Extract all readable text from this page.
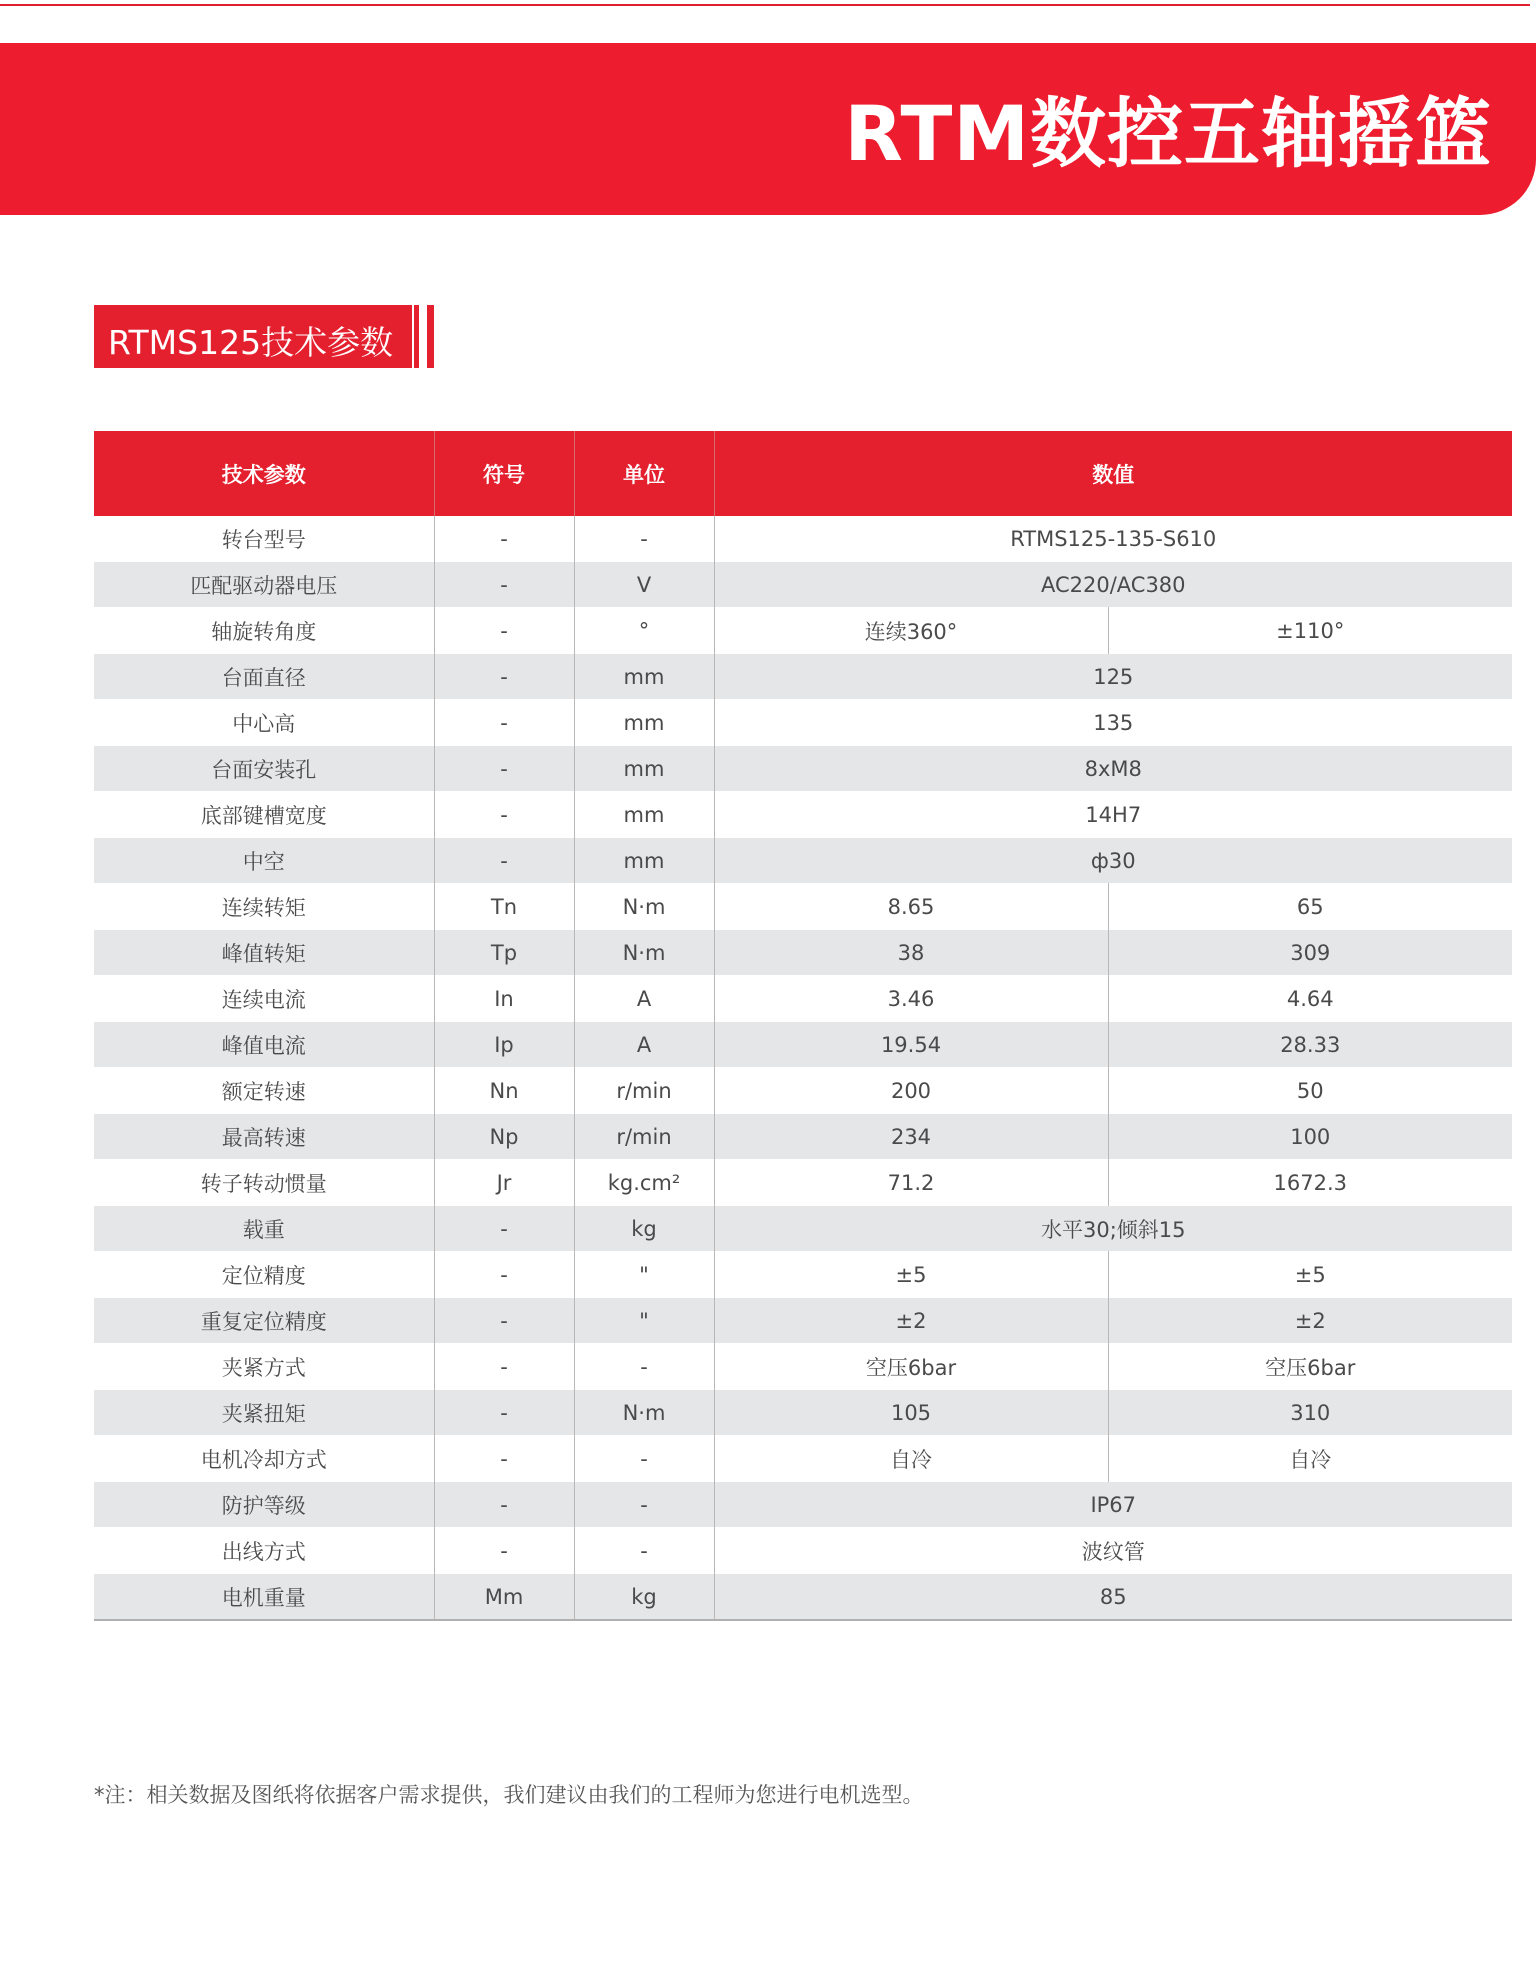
RTM数控五轴摇篮
RTMS125技术参数
技术参数	符号	单位	数值	
转台型号	-	-	RTMS125-135-S610	
匹配驱动器电压	-	V	AC220/AC380	
轴旋转角度	-	°	连续360°	±110°
台面直径	-	mm	125	
中心高	-	mm	135	
台面安装孔	-	mm	8xM8	
底部键槽宽度	-	mm	14H7	
中空	-	mm	ф30	
连续转矩	Tn	N·m	8.65	65
峰值转矩	Tp	N·m	38	309
连续电流	In	A	3.46	4.64
峰值电流	Ip	A	19.54	28.33
额定转速	Nn	r/min	200	50
最高转速	Np	r/min	234	100
转子转动惯量	Jr	kg.cm²	71.2	1672.3
载重	-	kg	水平30;倾斜15	
定位精度	-	"	±5	±5
重复定位精度	-	"	±2	±2
夹紧方式	-	-	空压6bar	空压6bar
夹紧扭矩	-	N·m	105	310
电机冷却方式	-	-	自冷	自冷
防护等级	-	-	IP67	
出线方式	-	-	波纹管	
电机重量	Mm	kg	85	
*注：相关数据及图纸将依据客户需求提供，我们建议由我们的工程师为您进行电机选型。
